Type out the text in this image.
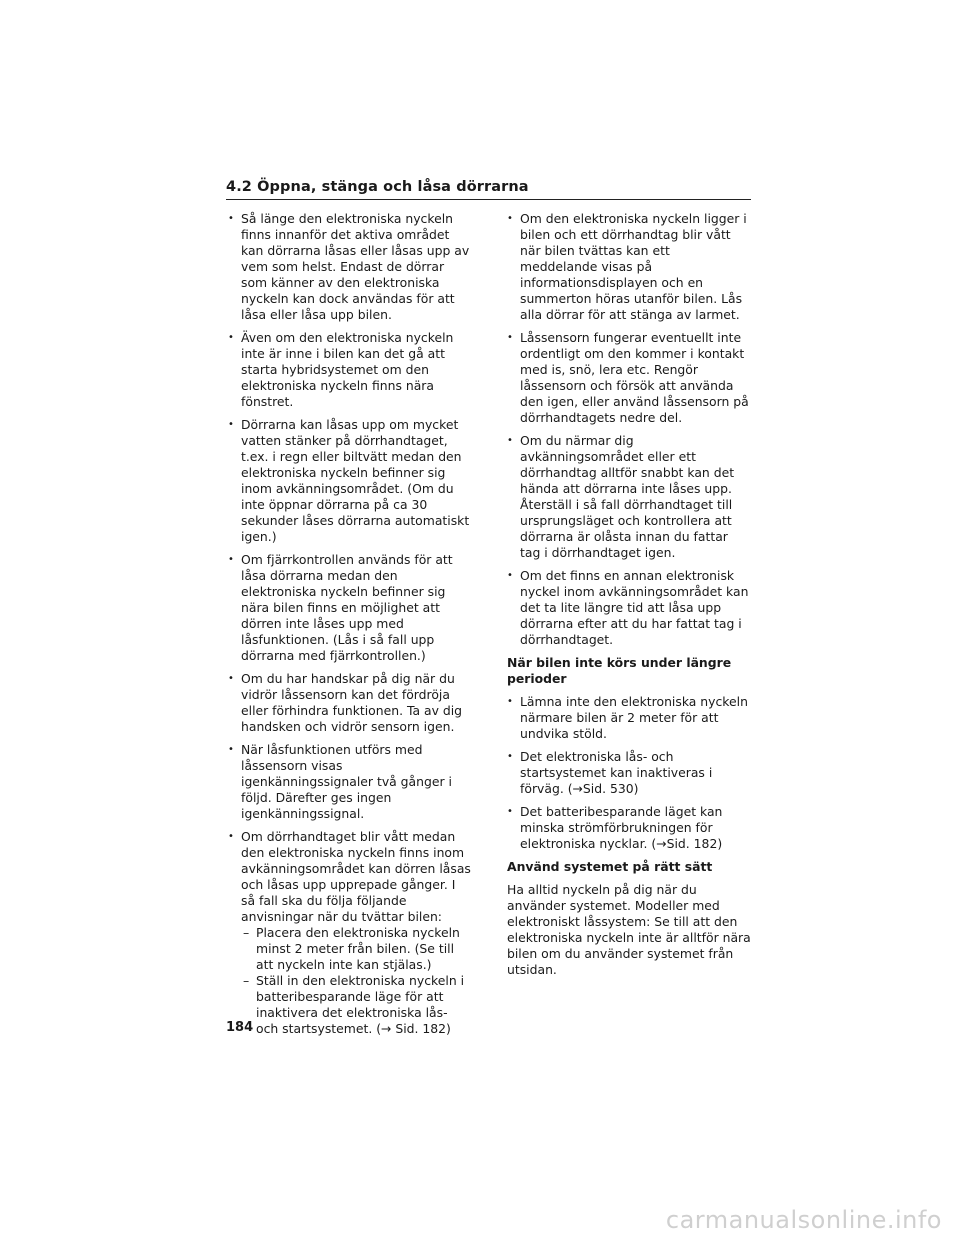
4.2 Öppna, stänga och låsa dörrarna
• Så länge den elektroniska nyckeln finns innanför det aktiva området kan dörrarna låsas eller låsas upp av vem som helst. Endast de dörrar som känner av den elektroniska nyckeln kan dock användas för att låsa eller låsa upp bilen.
• Även om den elektroniska nyckeln inte är inne i bilen kan det gå att starta hybridsystemet om den elektroniska nyckeln finns nära fönstret.
• Dörrarna kan låsas upp om mycket vatten stänker på dörrhandtaget, t.ex. i regn eller biltvätt medan den elektroniska nyckeln befinner sig inom avkänningsområdet. (Om du inte öppnar dörrarna på ca 30 sekunder låses dörrarna automatiskt igen.)
• Om fjärrkontrollen används för att låsa dörrarna medan den elektroniska nyckeln befinner sig nära bilen finns en möjlighet att dörren inte låses upp med låsfunktionen. (Lås i så fall upp dörrarna med fjärrkontrollen.)
• Om du har handskar på dig när du vidrör låssensorn kan det fördröja eller förhindra funktionen. Ta av dig handsken och vidrör sensorn igen.
• När låsfunktionen utförs med låssensorn visas igenkänningssignaler två gånger i följd. Därefter ges ingen igenkänningssignal.
• Om dörrhandtaget blir vått medan den elektroniska nyckeln finns inom avkänningsområdet kan dörren låsas och låsas upp upprepade gånger. I så fall ska du följa följande anvisningar när du tvättar bilen:
– Placera den elektroniska nyckeln minst 2 meter från bilen. (Se till att nyckeln inte kan stjälas.)
– Ställ in den elektroniska nyckeln i batteribesparande läge för att inaktivera det elektroniska lås- och startsystemet. (→ Sid. 182)
• Om den elektroniska nyckeln ligger i bilen och ett dörrhandtag blir vått när bilen tvättas kan ett meddelande visas på informationsdisplayen och en summerton höras utanför bilen. Lås alla dörrar för att stänga av larmet.
• Låssensorn fungerar eventuellt inte ordentligt om den kommer i kontakt med is, snö, lera etc. Rengör låssensorn och försök att använda den igen, eller använd låssensorn på dörrhandtagets nedre del.
• Om du närmar dig avkänningsområdet eller ett dörrhandtag alltför snabbt kan det hända att dörrarna inte låses upp. Återställ i så fall dörrhandtaget till ursprungsläget och kontrollera att dörrarna är olåsta innan du fattar tag i dörrhandtaget igen.
• Om det finns en annan elektronisk nyckel inom avkänningsområdet kan det ta lite längre tid att låsa upp dörrarna efter att du har fattat tag i dörrhandtaget.
När bilen inte körs under längre perioder
• Lämna inte den elektroniska nyckeln närmare bilen är 2 meter för att undvika stöld.
• Det elektroniska lås- och startsystemet kan inaktiveras i förväg. (→Sid. 530)
• Det batteribesparande läget kan minska strömförbrukningen för elektroniska nycklar. (→Sid. 182)
Använd systemet på rätt sätt
Ha alltid nyckeln på dig när du använder systemet. Modeller med elektroniskt låssystem: Se till att den elektroniska nyckeln inte är alltför nära bilen om du använder systemet från utsidan.
184
carmanualsonline.info
